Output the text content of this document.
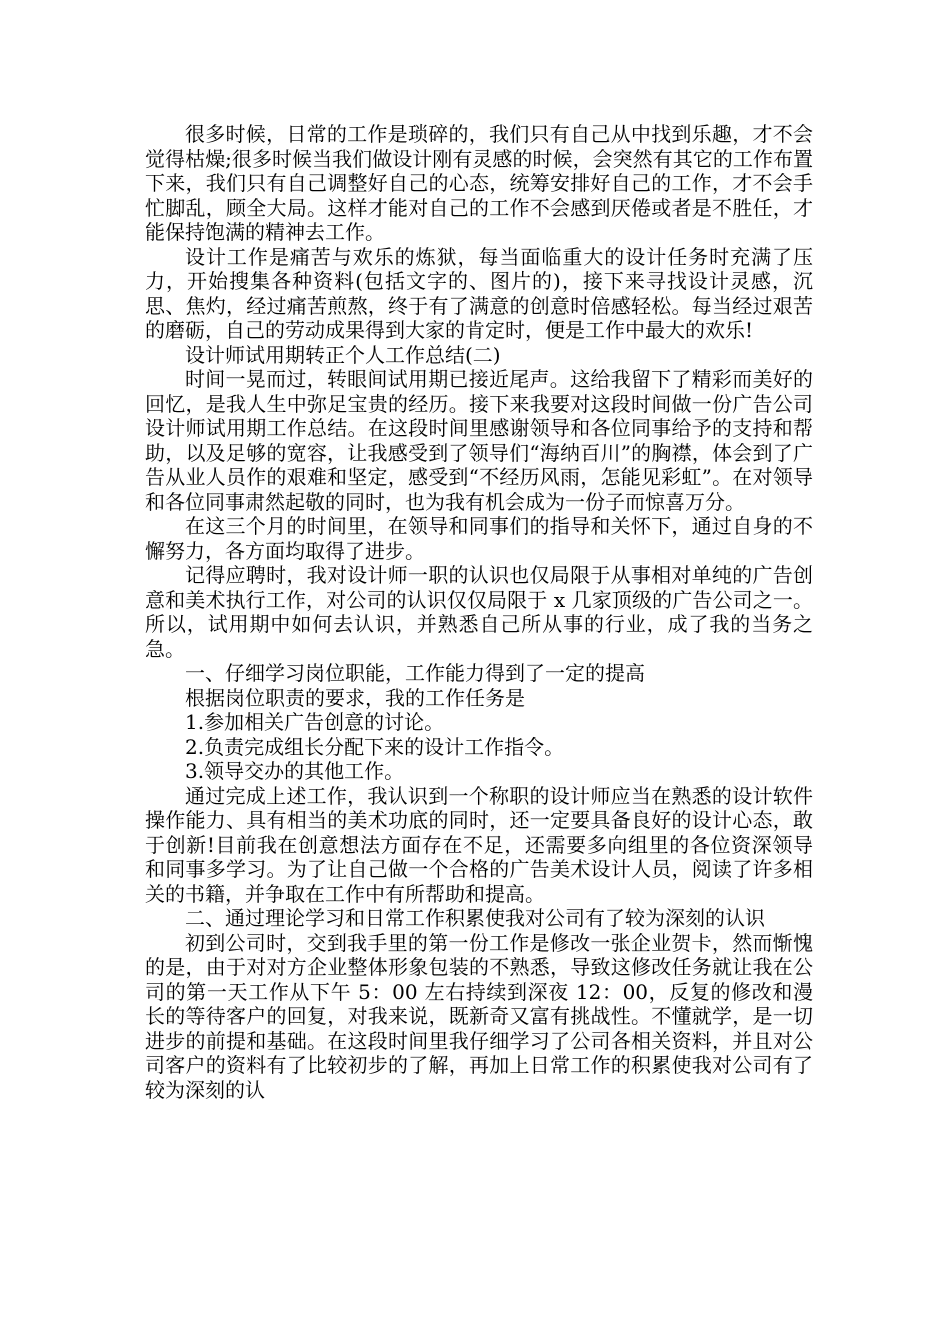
很多时候，日常的工作是琐碎的，我们只有自己从中找到乐趣，才不会觉得枯燥;很多时候当我们做设计刚有灵感的时候，会突然有其它的工作布置下来，我们只有自己调整好自己的心态，统筹安排好自己的工作，才不会手忙脚乱，顾全大局。这样才能对自己的工作不会感到厌倦或者是不胜任，才能保持饱满的精神去工作。

设计工作是痛苦与欢乐的炼狱，每当面临重大的设计任务时充满了压力，开始搜集各种资料(包括文字的、图片的)，接下来寻找设计灵感，沉思、焦灼，经过痛苦煎熬，终于有了满意的创意时倍感轻松。每当经过艰苦的磨砺，自己的劳动成果得到大家的肯定时，便是工作中最大的欢乐!

设计师试用期转正个人工作总结(二)

时间一晃而过，转眼间试用期已接近尾声。这给我留下了精彩而美好的回忆，是我人生中弥足宝贵的经历。接下来我要对这段时间做一份广告公司设计师试用期工作总结。在这段时间里感谢领导和各位同事给予的支持和帮助，以及足够的宽容，让我感受到了领导们“海纳百川”的胸襟，体会到了广告从业人员作的艰难和坚定，感受到“不经历风雨，怎能见彩虹”。在对领导和各位同事肃然起敬的同时，也为我有机会成为一份子而惊喜万分。

在这三个月的时间里，在领导和同事们的指导和关怀下，通过自身的不懈努力，各方面均取得了进步。

记得应聘时，我对设计师一职的认识也仅局限于从事相对单纯的广告创意和美术执行工作，对公司的认识仅仅局限于 x 几家顶级的广告公司之一。所以，试用期中如何去认识，并熟悉自己所从事的行业，成了我的当务之急。

一、仔细学习岗位职能，工作能力得到了一定的提高

根据岗位职责的要求，我的工作任务是

1.参加相关广告创意的讨论。

2.负责完成组长分配下来的设计工作指令。

3.领导交办的其他工作。

通过完成上述工作，我认识到一个称职的设计师应当在熟悉的设计软件操作能力、具有相当的美术功底的同时，还一定要具备良好的设计心态，敢于创新!目前我在创意想法方面存在不足，还需要多向组里的各位资深领导和同事多学习。为了让自己做一个合格的广告美术设计人员，阅读了许多相关的书籍，并争取在工作中有所帮助和提高。

二、通过理论学习和日常工作积累使我对公司有了较为深刻的认识

初到公司时，交到我手里的第一份工作是修改一张企业贺卡，然而惭愧的是，由于对对方企业整体形象包装的不熟悉，导致这修改任务就让我在公司的第一天工作从下午 5：00 左右持续到深夜 12：00，反复的修改和漫长的等待客户的回复，对我来说，既新奇又富有挑战性。不懂就学，是一切进步的前提和基础。在这段时间里我仔细学习了公司各相关资料，并且对公司客户的资料有了比较初步的了解，再加上日常工作的积累使我对公司有了较为深刻的认
